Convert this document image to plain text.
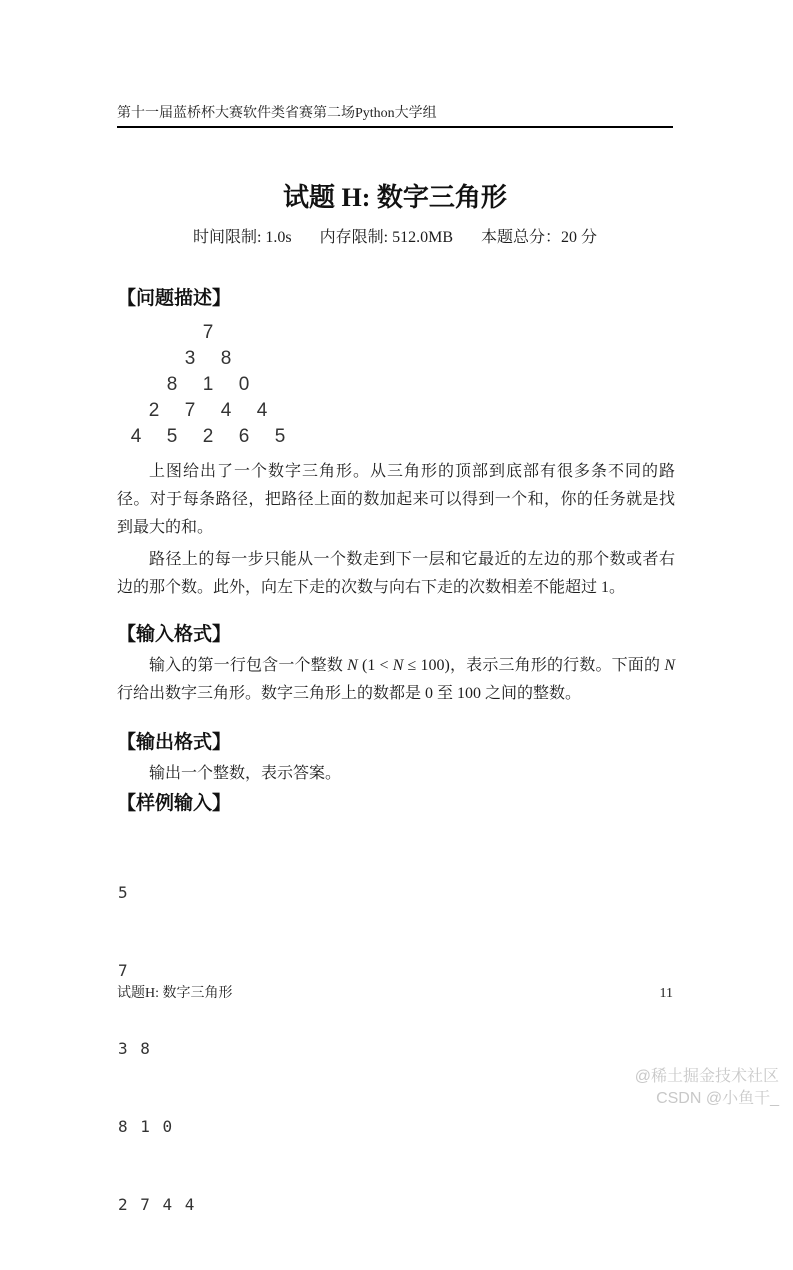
第十一届蓝桥杯大赛软件类省赛第二场Python大学组
试题 H: 数字三角形
时间限制: 1.0s 内存限制: 512.0MB 本题总分：20 分
【问题描述】
7
3	8
8	1	0
2	7	4	4
4	5	2	6	5
上图给出了一个数字三角形。从三角形的顶部到底部有很多条不同的路径。对于每条路径，把路径上面的数加起来可以得到一个和，你的任务就是找到最大的和。
路径上的每一步只能从一个数走到下一层和它最近的左边的那个数或者右边的那个数。此外，向左下走的次数与向右下走的次数相差不能超过 1。
【输入格式】
输入的第一行包含一个整数 N (1 < N ≤ 100)，表示三角形的行数。下面的 N 行给出数字三角形。数字三角形上的数都是 0 至 100 之间的整数。
【输出格式】
输出一个整数，表示答案。
【样例输入】

5

7

3 8

8 1 0

2 7 4 4

试题H: 数字三角形	11
@稀土掘金技术社区
CSDN @小鱼干_
